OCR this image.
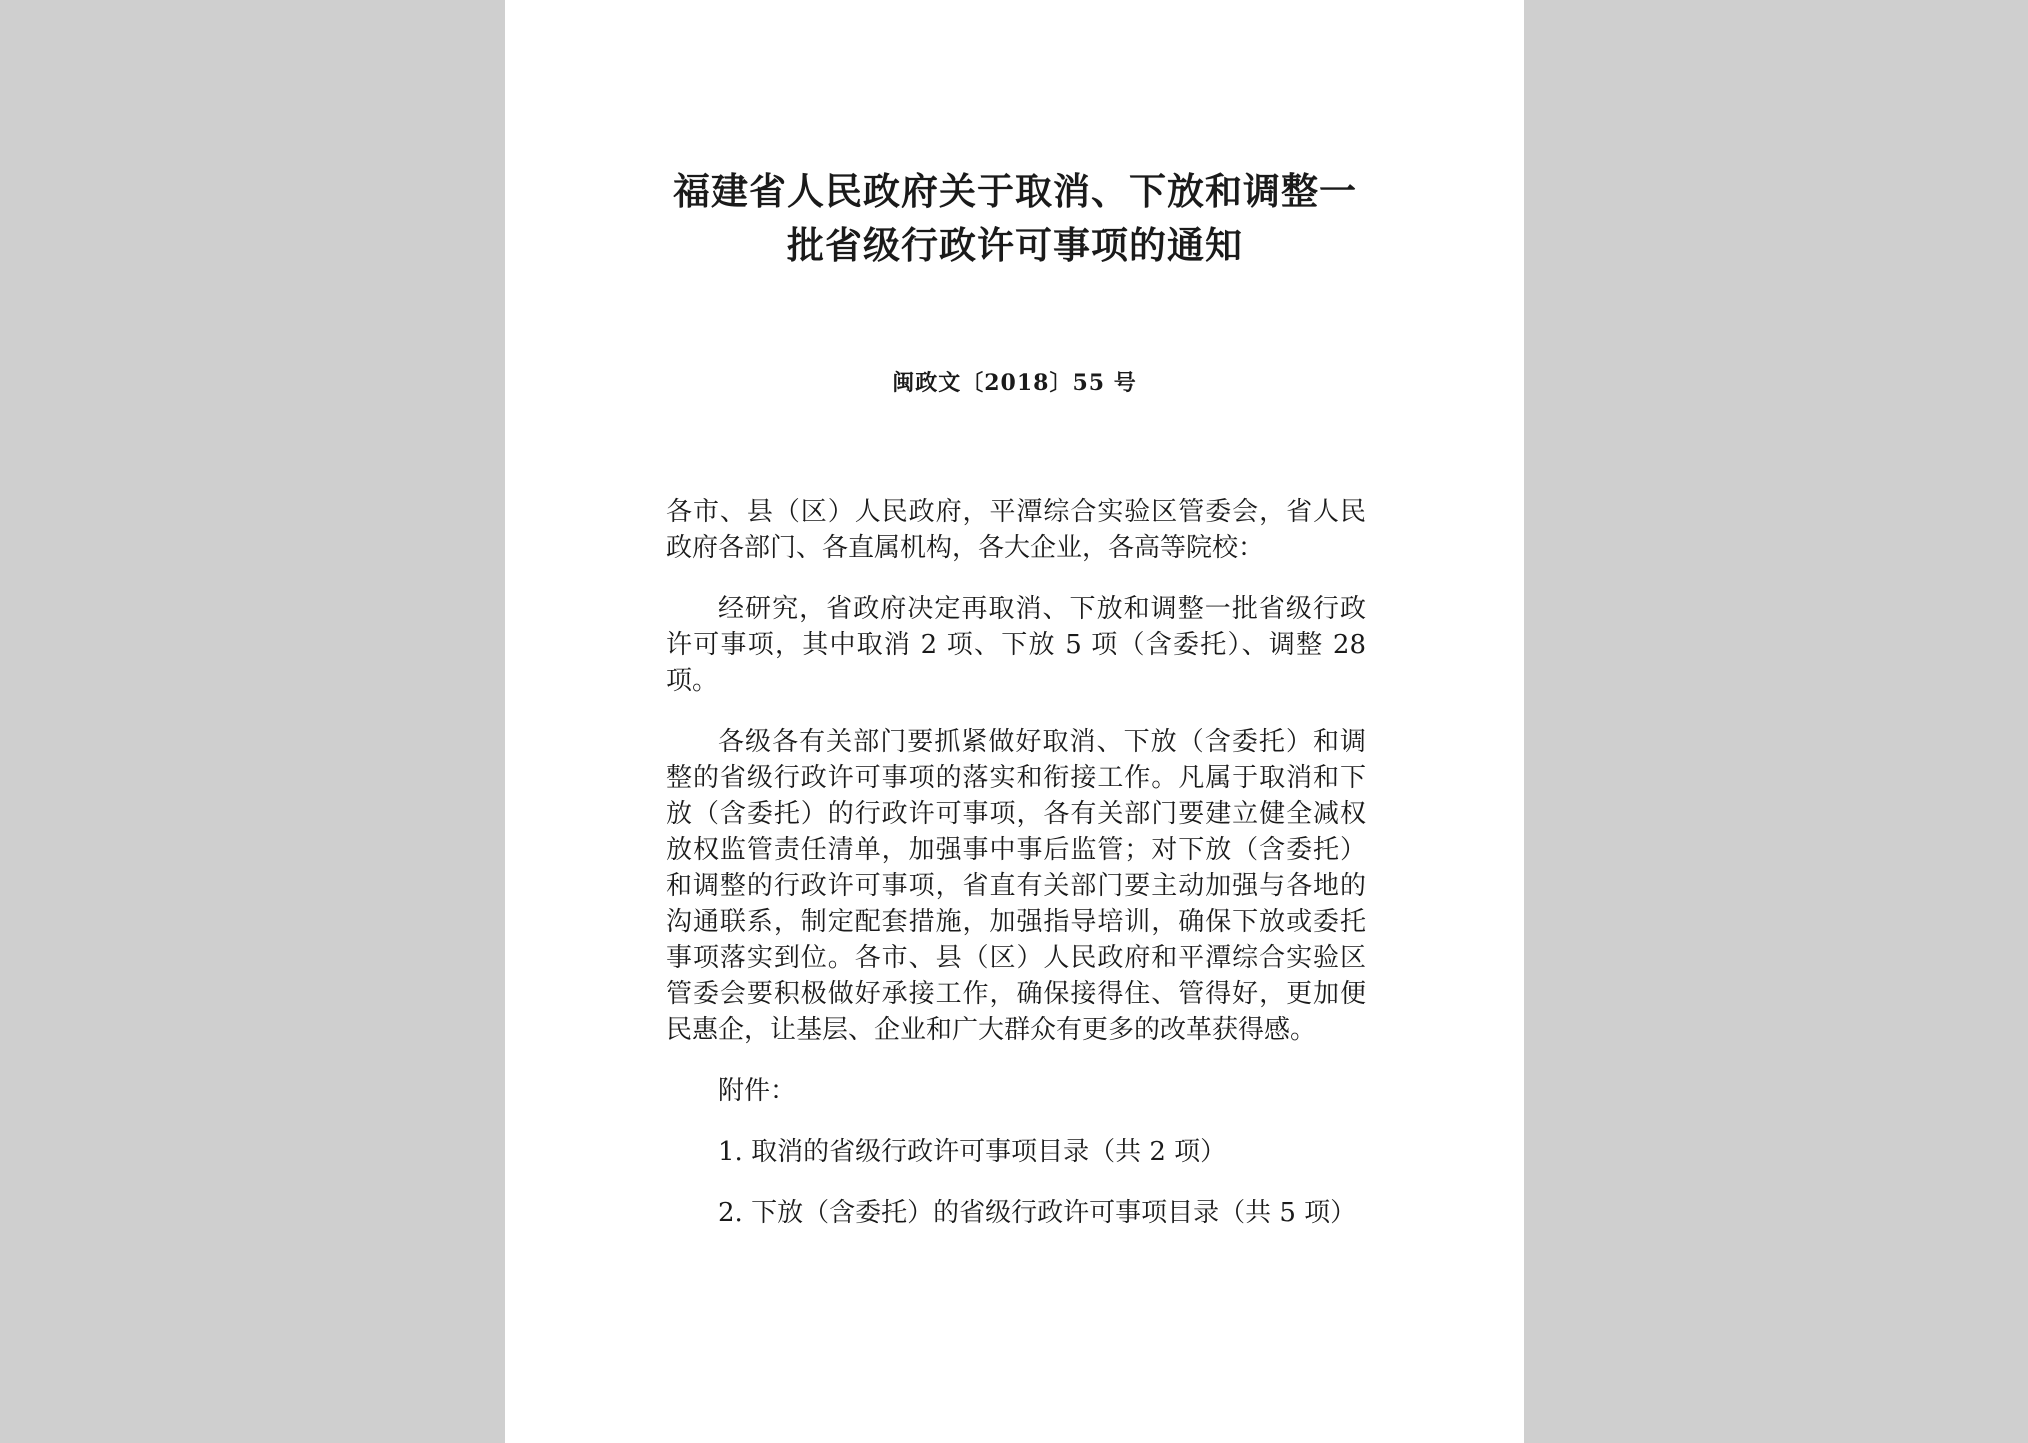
福建省人民政府关于取消、下放和调整一
批省级行政许可事项的通知
闽政文〔2018〕55 号

各市、县（区）人民政府，平潭综合实验区管委会，省人民政府各部门、各直属机构，各大企业，各高等院校：

经研究，省政府决定再取消、下放和调整一批省级行政许可事项，其中取消 2 项、下放 5 项（含委托）、调整 28 项。

各级各有关部门要抓紧做好取消、下放（含委托）和调整的省级行政许可事项的落实和衔接工作。凡属于取消和下放（含委托）的行政许可事项，各有关部门要建立健全减权放权监管责任清单，加强事中事后监管；对下放（含委托）和调整的行政许可事项，省直有关部门要主动加强与各地的沟通联系，制定配套措施，加强指导培训，确保下放或委托事项落实到位。各市、县（区）人民政府和平潭综合实验区管委会要积极做好承接工作，确保接得住、管得好，更加便民惠企，让基层、企业和广大群众有更多的改革获得感。

附件：

1. 取消的省级行政许可事项目录（共 2 项）

2. 下放（含委托）的省级行政许可事项目录（共 5 项）
